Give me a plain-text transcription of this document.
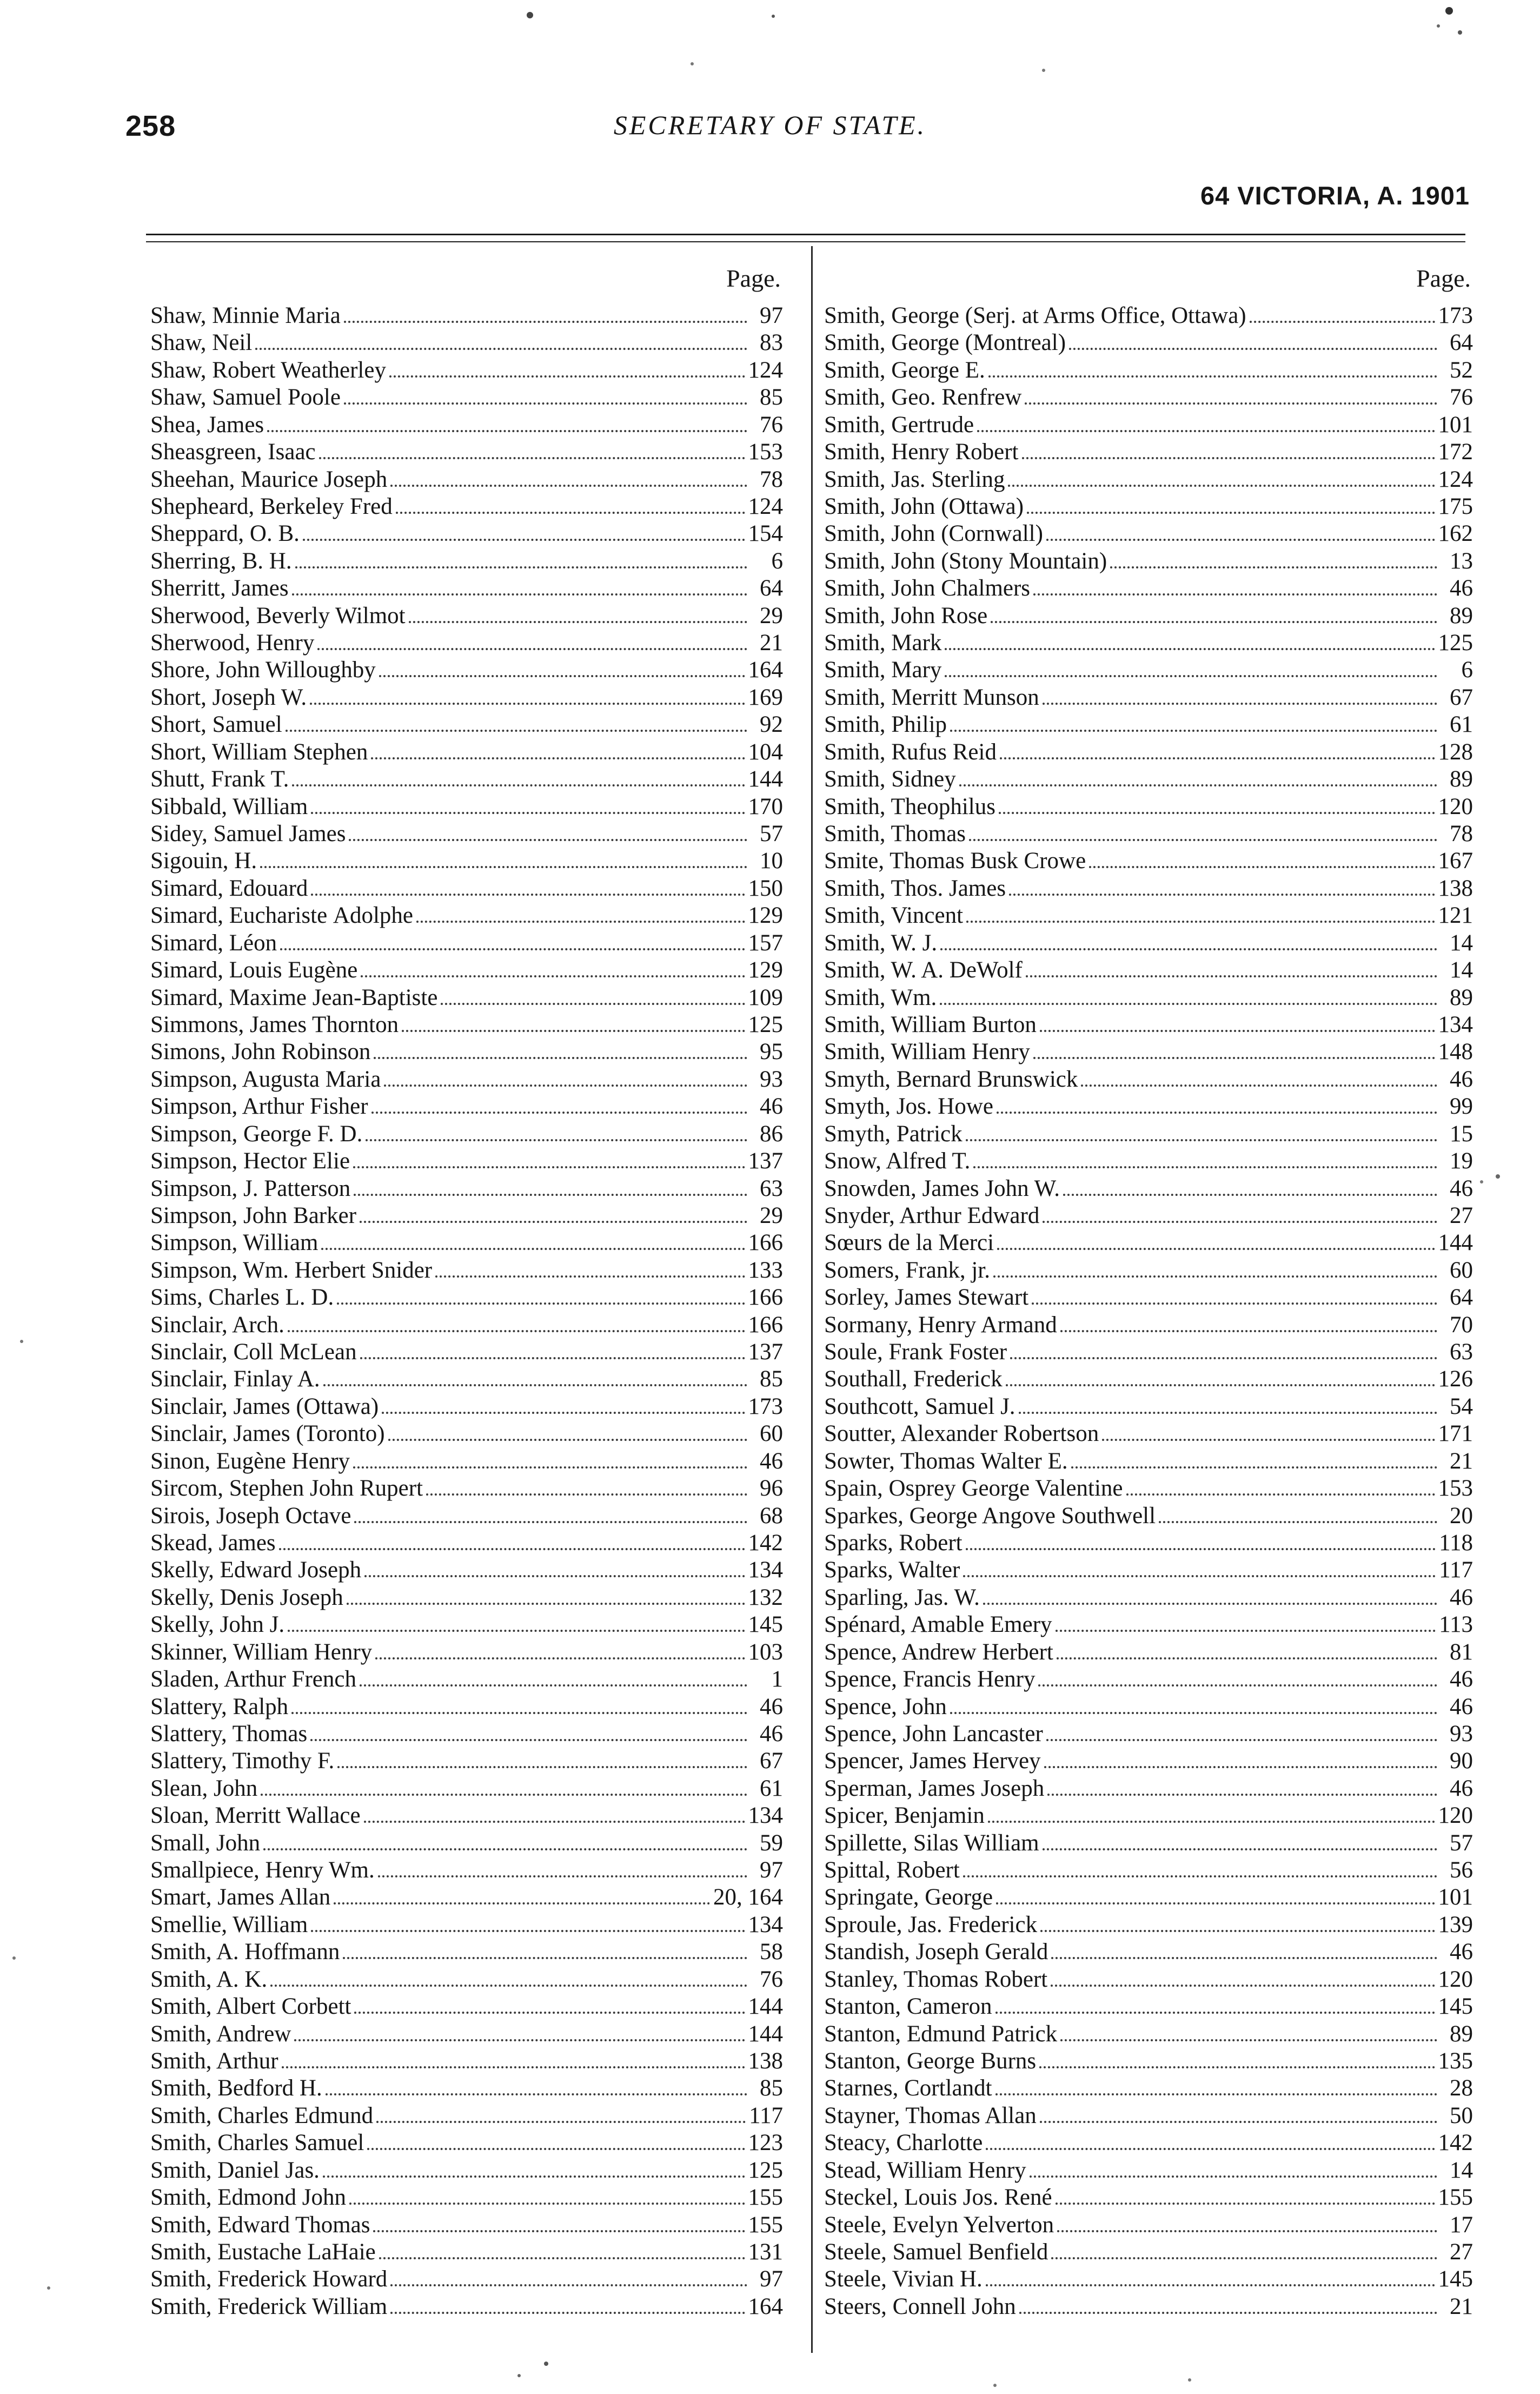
258	SECRETARY OF STATE.
64 VICTORIA, A. 1901
Page.
Shaw, Minnie Maria	97
Shaw, Neil	83
Shaw, Robert Weatherley	124
Shaw, Samuel Poole	85
Shea, James	76
Sheasgreen, Isaac	153
Sheehan, Maurice Joseph	78
Shepheard, Berkeley Fred	124
Sheppard, O. B.	154
Sherring, B. H.	6
Sherritt, James	64
Sherwood, Beverly Wilmot	29
Sherwood, Henry	21
Shore, John Willoughby	164
Short, Joseph W.	169
Short, Samuel	92
Short, William Stephen	104
Shutt, Frank T.	144
Sibbald, William	170
Sidey, Samuel James	57
Sigouin, H.	10
Simard, Edouard	150
Simard, Eucharistе Adolphe	129
Simard, Léon	157
Simard, Louis Eugène	129
Simard, Maxime Jean-Baptiste	109
Simmons, James Thornton	125
Simons, John Robinson	95
Simpson, Augusta Maria	93
Simpson, Arthur Fisher	46
Simpson, George F. D.	86
Simpson, Hector Elie	137
Simpson, J. Patterson	63
Simpson, John Barker	29
Simpson, William	166
Simpson, Wm. Herbert Snider	133
Sims, Charles L. D.	166
Sinclair, Arch.	166
Sinclair, Coll McLean	137
Sinclair, Finlay A.	85
Sinclair, James (Ottawa)	173
Sinclair, James (Toronto)	60
Sinon, Eugène Henry	46
Sircom, Stephen John Rupert	96
Sirois, Joseph Octave	68
Skead, James	142
Skelly, Edward Joseph	134
Skelly, Denis Joseph	132
Skelly, John J.	145
Skinner, William Henry	103
Sladen, Arthur French	1
Slattery, Ralph	46
Slattery, Thomas	46
Slattery, Timothy F.	67
Slean, John	61
Sloan, Merritt Wallace	134
Small, John	59
Smallpiece, Henry Wm.	97
Smart, James Allan	20, 164
Smellie, William	134
Smith, A. Hoffmann	58
Smith, A. K.	76
Smith, Albert Corbett	144
Smith, Andrew	144
Smith, Arthur	138
Smith, Bedford H.	85
Smith, Charles Edmund	117
Smith, Charles Samuel	123
Smith, Daniel Jas.	125
Smith, Edmond John	155
Smith, Edward Thomas	155
Smith, Eustache LaHaie	131
Smith, Frederick Howard	97
Smith, Frederick William	164
Page.
Smith, George (Serj. at Arms Office, Ottawa)	173
Smith, George (Montreal)	64
Smith, George E.	52
Smith, Geo. Renfrew	76
Smith, Gertrude	101
Smith, Henry Robert	172
Smith, Jas. Sterling	124
Smith, John (Ottawa)	175
Smith, John (Cornwall)	162
Smith, John (Stony Mountain)	13
Smith, John Chalmers	46
Smith, John Rose	89
Smith, Mark	125
Smith, Mary	6
Smith, Merritt Munson	67
Smith, Philip	61
Smith, Rufus Reid	128
Smith, Sidney	89
Smith, Theophilus	120
Smith, Thomas	78
Smite, Thomas Busk Crowe	167
Smith, Thos. James	138
Smith, Vincent	121
Smith, W. J.	14
Smith, W. A. DeWolf	14
Smith, Wm.	89
Smith, William Burton	134
Smith, William Henry	148
Smyth, Bernard Brunswick	46
Smyth, Jos. Howe	99
Smyth, Patrick	15
Snow, Alfred T.	19
Snowden, James John W.	46
Snyder, Arthur Edward	27
Sœurs de la Merci	144
Somers, Frank, jr.	60
Sorley, James Stewart	64
Sormany, Henry Armand	70
Soule, Frank Foster	63
Southall, Frederick	126
Southcott, Samuel J.	54
Soutter, Alexander Robertson	171
Sowter, Thomas Walter E.	21
Spain, Osprey George Valentine	153
Sparkes, George Angove Southwell	20
Sparks, Robert	118
Sparks, Walter	117
Sparling, Jas. W.	46
Spénard, Amable Emery	113
Spence, Andrew Herbert	81
Spence, Francis Henry	46
Spence, John	46
Spence, John Lancaster	93
Spencer, James Hervey	90
Sperman, James Joseph	46
Spicer, Benjamin	120
Spillette, Silas William	57
Spittal, Robert	56
Springate, George	101
Sproule, Jas. Frederick	139
Standish, Joseph Gerald	46
Stanley, Thomas Robert	120
Stanton, Cameron	145
Stanton, Edmund Patrick	89
Stanton, George Burns	135
Starnes, Cortlandt	28
Stayner, Thomas Allan	50
Steacy, Charlotte	142
Stead, William Henry	14
Steckel, Louis Jos. René	155
Steele, Evelyn Yelverton	17
Steele, Samuel Benfield	27
Steele, Vivian H.	145
Steers, Connell John	21
